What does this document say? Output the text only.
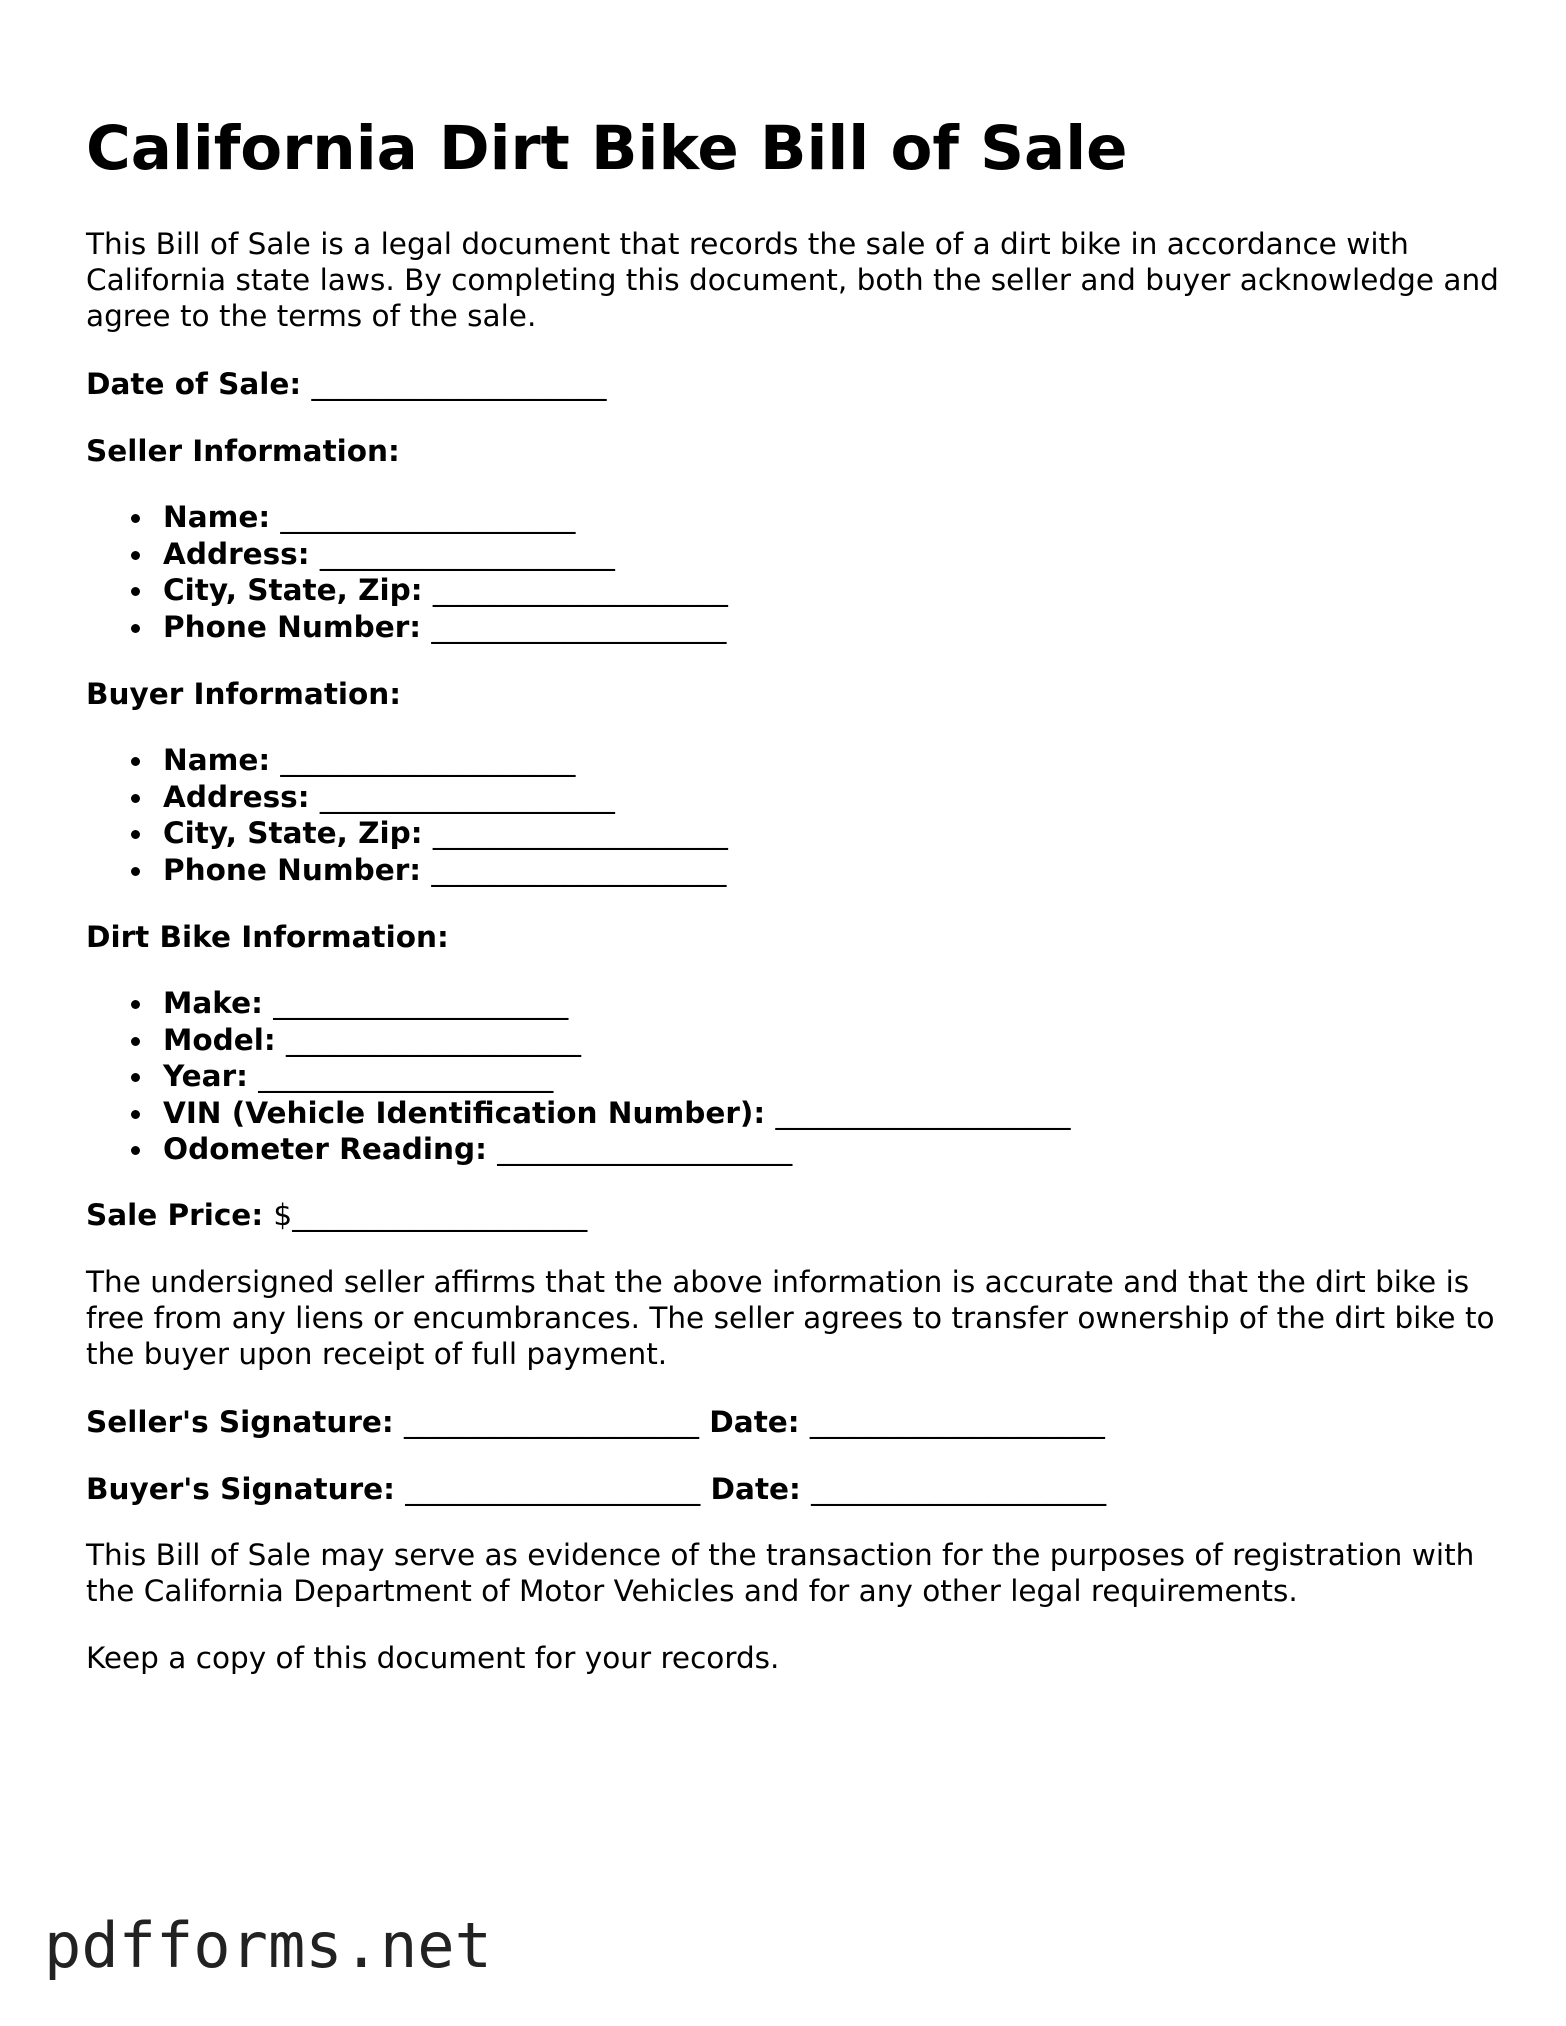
California Dirt Bike Bill of Sale

This Bill of Sale is a legal document that records the sale of a dirt bike in accordance with California state laws. By completing this document, both the seller and buyer acknowledge and agree to the terms of the sale.

Date of Sale: ____________________
Seller Information:
Name: ____________________
Address: ____________________
City, State, Zip: ____________________
Phone Number: ____________________
Buyer Information:
Name: ____________________
Address: ____________________
City, State, Zip: ____________________
Phone Number: ____________________
Dirt Bike Information:
Make: ____________________
Model: ____________________
Year: ____________________
VIN (Vehicle Identification Number): ____________________
Odometer Reading: ____________________
Sale Price: $____________________

The undersigned seller affirms that the above information is accurate and that the dirt bike is free from any liens or encumbrances. The seller agrees to transfer ownership of the dirt bike to the buyer upon receipt of full payment.

Seller's Signature: ____________________ Date: ____________________
Buyer's Signature: ____________________ Date: ____________________

This Bill of Sale may serve as evidence of the transaction for the purposes of registration with the California Department of Motor Vehicles and for any other legal requirements.

Keep a copy of this document for your records.

pdfforms.net
